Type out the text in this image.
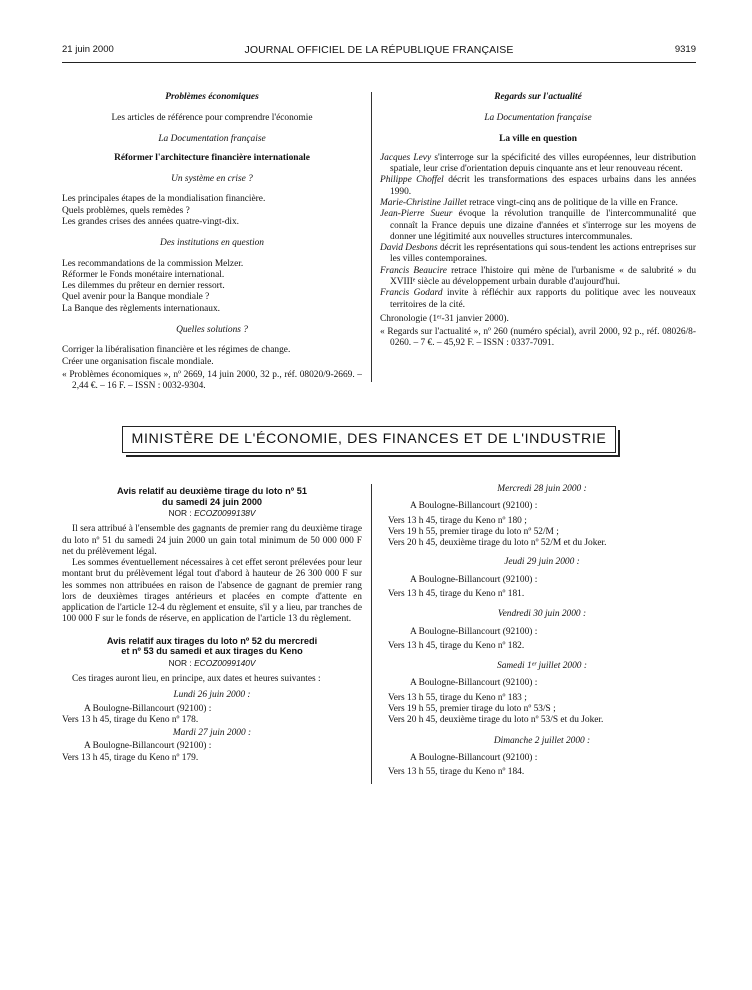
JOURNAL OFFICIEL DE LA RÉPUBLIQUE FRANÇAISE
21 juin 2000	9319
Problèmes économiques
Les articles de référence pour comprendre l'économie
La Documentation française
Réformer l'architecture financière internationale
Un système en crise ?
Les principales étapes de la mondialisation financière.
Quels problèmes, quels remèdes ?
Les grandes crises des années quatre-vingt-dix.
Des institutions en question
Les recommandations de la commission Melzer.
Réformer le Fonds monétaire international.
Les dilemmes du prêteur en dernier ressort.
Quel avenir pour la Banque mondiale ?
La Banque des règlements internationaux.
Quelles solutions ?
Corriger la libéralisation financière et les régimes de change.
Créer une organisation fiscale mondiale.
« Problèmes économiques », nº 2669, 14 juin 2000, 32 p., réf. 08020/9-2669. – 2,44 €. – 16 F. – ISSN : 0032-9304.
Regards sur l'actualité
La Documentation française
La ville en question
Jacques Levy s'interroge sur la spécificité des villes européennes, leur distribution spatiale, leur crise d'orientation depuis cinquante ans et leur renouveau récent.
Philippe Choffel décrit les transformations des espaces urbains dans les années 1990.
Marie-Christine Jaillet retrace vingt-cinq ans de politique de la ville en France.
Jean-Pierre Sueur évoque la révolution tranquille de l'intercommunalité que connaît la France depuis une dizaine d'années et s'interroge sur les moyens de donner une légitimité aux nouvelles structures intercommunales.
David Desbons décrit les représentations qui sous-tendent les actions entreprises sur les villes contemporaines.
Francis Beaucire retrace l'histoire qui mène de l'urbanisme « de salubrité » du XVIIIᵉ siècle au développement urbain durable d'aujourd'hui.
Francis Godard invite à réfléchir aux rapports du politique avec les nouveaux territoires de la cité.
Chronologie (1ᵉʳ-31 janvier 2000).
« Regards sur l'actualité », nº 260 (numéro spécial), avril 2000, 92 p., réf. 08026/8-0260. – 7 €. – 45,92 F. – ISSN : 0337-7091.
MINISTÈRE DE L'ÉCONOMIE, DES FINANCES ET DE L'INDUSTRIE
Avis relatif au deuxième tirage du loto nº 51
du samedi 24 juin 2000
NOR : ECOZ0099138V
Il sera attribué à l'ensemble des gagnants de premier rang du deuxième tirage du loto nº 51 du samedi 24 juin 2000 un gain total minimum de 50 000 000 F net du prélèvement légal.
Les sommes éventuellement nécessaires à cet effet seront prélevées pour leur montant brut du prélèvement légal tout d'abord à hauteur de 26 300 000 F sur les sommes non attribuées en raison de l'absence de gagnant de premier rang lors de deuxièmes tirages antérieurs et placées en compte d'attente en application de l'article 12-4 du règlement et ensuite, s'il y a lieu, par tranches de 100 000 F sur le fonds de réserve, en application de l'article 13 du règlement.
Avis relatif aux tirages du loto nº 52 du mercredi
et nº 53 du samedi et aux tirages du Keno
NOR : ECOZ0099140V
Ces tirages auront lieu, en principe, aux dates et heures suivantes :
Lundi 26 juin 2000 :
A Boulogne-Billancourt (92100) :
Vers 13 h 45, tirage du Keno nº 178.
Mardi 27 juin 2000 :
A Boulogne-Billancourt (92100) :
Vers 13 h 45, tirage du Keno nº 179.
Mercredi 28 juin 2000 :
A Boulogne-Billancourt (92100) :
Vers 13 h 45, tirage du Keno nº 180 ;
Vers 19 h 55, premier tirage du loto nº 52/M ;
Vers 20 h 45, deuxième tirage du loto nº 52/M et du Joker.
Jeudi 29 juin 2000 :
A Boulogne-Billancourt (92100) :
Vers 13 h 45, tirage du Keno nº 181.
Vendredi 30 juin 2000 :
A Boulogne-Billancourt (92100) :
Vers 13 h 45, tirage du Keno nº 182.
Samedi 1ᵉʳ juillet 2000 :
A Boulogne-Billancourt (92100) :
Vers 13 h 55, tirage du Keno nº 183 ;
Vers 19 h 55, premier tirage du loto nº 53/S ;
Vers 20 h 45, deuxième tirage du loto nº 53/S et du Joker.
Dimanche 2 juillet 2000 :
A Boulogne-Billancourt (92100) :
Vers 13 h 55, tirage du Keno nº 184.
